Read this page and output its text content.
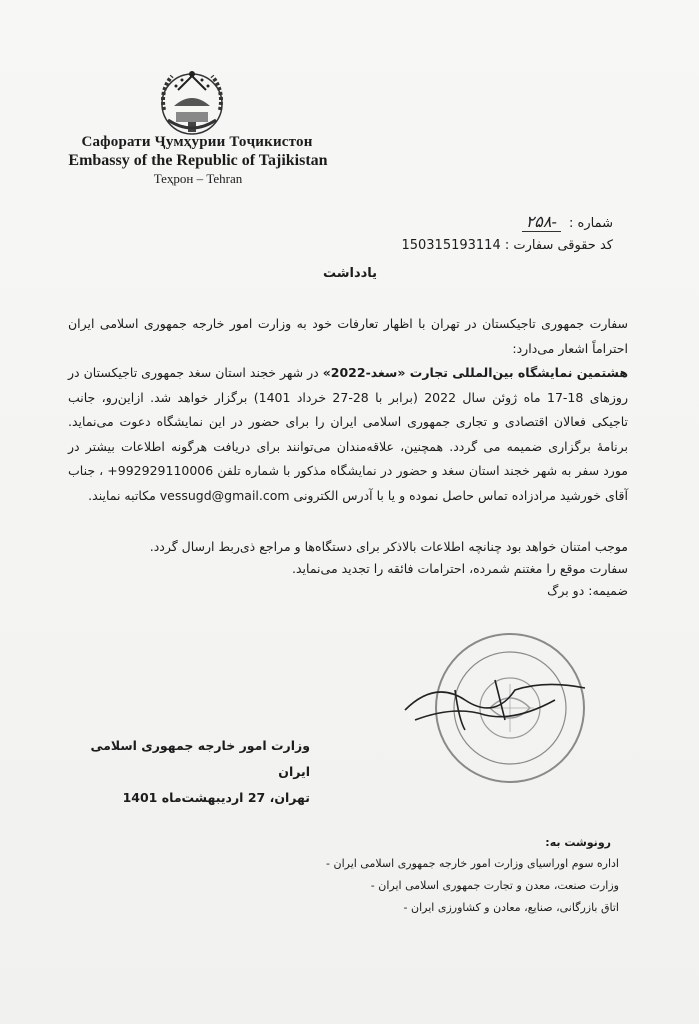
Сафорати Ҷумҳурии Тоҷикистон
Embassy of the Republic of Tajikistan
Теҳрон – Tehran
شماره : -۲۵۸
کد حقوقی سفارت : 150315193114
يادداشت

سفارت جمهوری تاجیکستان در تهران با اظهار تعارفات خود به وزارت امور خارجه جمهوری اسلامی ایران احتراماً اشعار می‌دارد:

هشتمین نمایشگاه بین‌المللی تجارت «سغد-2022» در شهر خجند استان سغد جمهوری تاجیکستان در روزهای 18-17 ماه ژوئن سال 2022 (برابر با 28-27 خرداد 1401) برگزار خواهد شد. ازاین‌رو، جانب تاجیکی فعالان اقتصادی و تجاری جمهوری اسلامی ایران را برای حضور در این نمایشگاه دعوت می‌نماید. برنامهٔ برگزاری ضمیمه می گردد. همچنین، علاقه‌مندان می‌توانند برای دریافت هرگونه اطلاعات بیشتر در مورد سفر به شهر خجند استان سغد و حضور در نمایشگاه مذکور با شماره تلفن 992929110006+ ، جناب آقای خورشید مرادزاده تماس حاصل نموده و یا با آدرس الکترونی vessugd@gmail.com مکاتبه نمایند.

موجب امتنان خواهد بود چنانچه اطلاعات بالاذکر برای دستگاه‌ها و مراجع ذی‌ربط ارسال گردد.

سفارت موقع را مغتنم شمرده، احترامات فائقه را تجدید می‌نماید.

ضمیمه: دو برگ

وزارت امور خارجه جمهوری اسلامی ایران

تهران، 27 اردیبهشت‌ماه 1401

رونوشت به:
اداره سوم اوراسیای وزارت امور خارجه جمهوری اسلامی ایران -
وزارت صنعت، معدن و تجارت جمهوری اسلامی ایران -
اتاق بازرگانی، صنایع، معادن و کشاورزی ایران -
